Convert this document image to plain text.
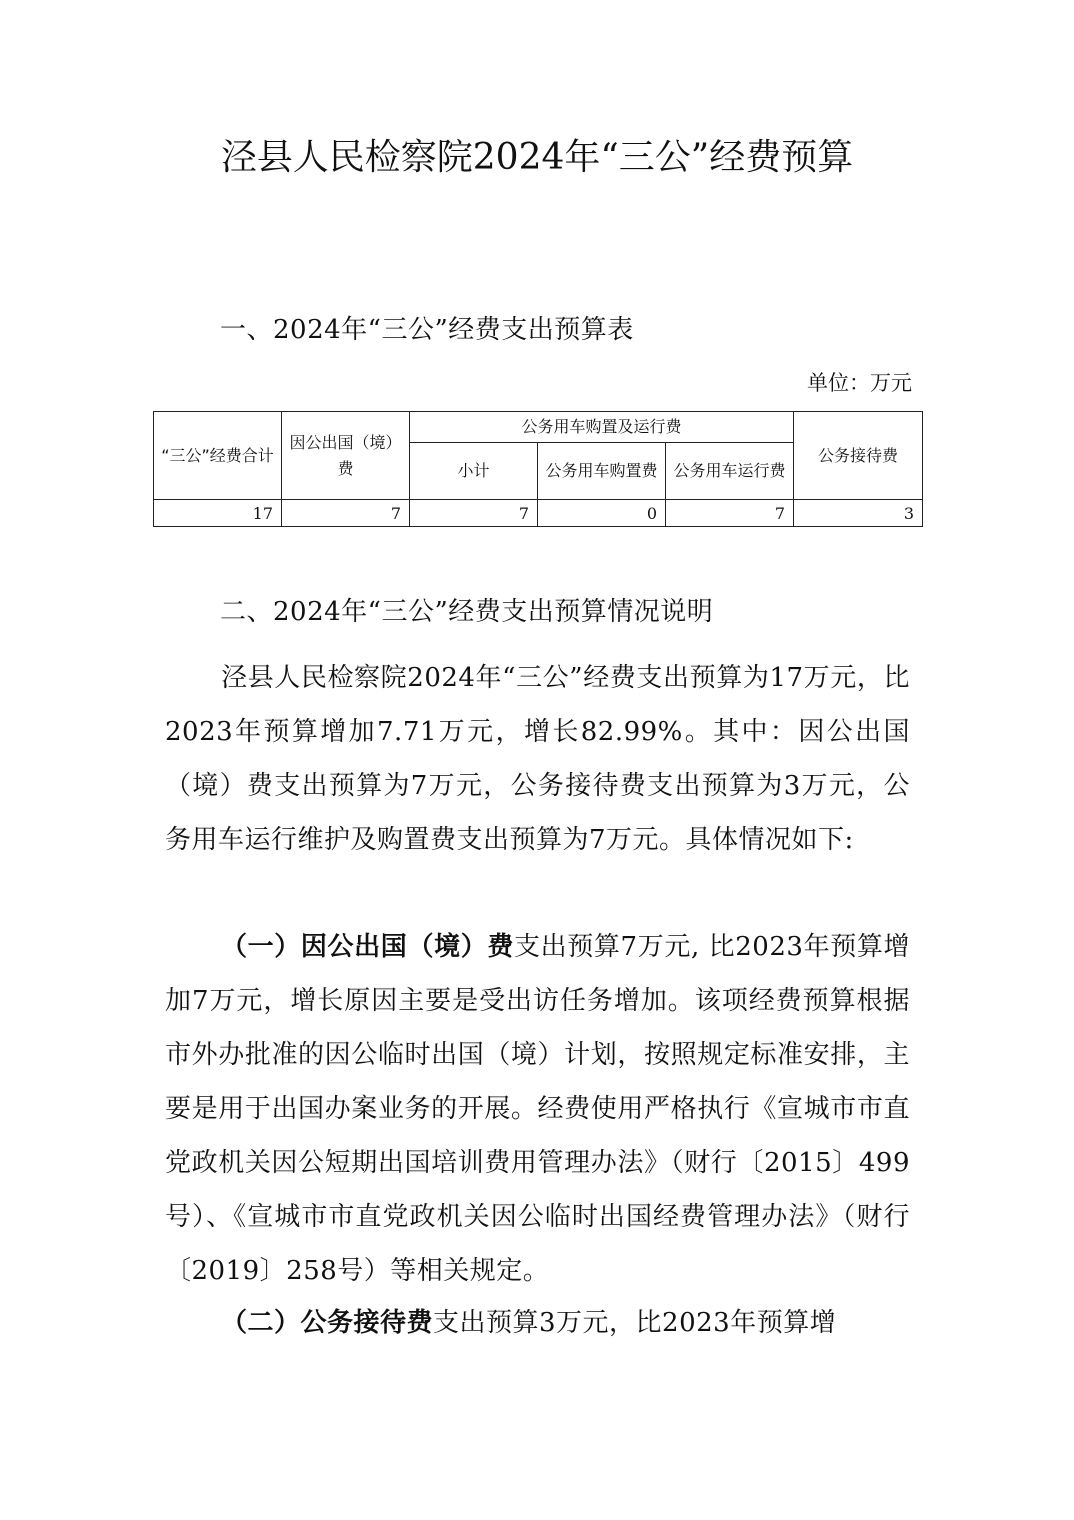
泾县人民检察院2024年“三公”经费预算
一、2024年“三公”经费支出预算表
单位：万元
“三公”经费合计	因公出国（境）费	公务用车购置及运行费			公务接待费
		小计	公务用车购置费	公务用车运行费	
17	7	7	0	7	3
二、2024年“三公”经费支出预算情况说明
泾县人民检察院2024年“三公”经费支出预算为17万元，比2023年预算增加7.71万元，增长82.99%。其中：因公出国（境）费支出预算为7万元，公务接待费支出预算为3万元，公务用车运行维护及购置费支出预算为7万元。具体情况如下:
（一）因公出国（境）费支出预算7万元, 比2023年预算增加7万元，增长原因主要是受出访任务增加。该项经费预算根据市外办批准的因公临时出国（境）计划，按照规定标准安排，主要是用于出国办案业务的开展。经费使用严格执行《宣城市市直党政机关因公短期出国培训费用管理办法》（财行〔2015〕499号）、《宣城市市直党政机关因公临时出国经费管理办法》（财行〔2019〕258号）等相关规定。
（二）公务接待费支出预算3万元，比2023年预算增
